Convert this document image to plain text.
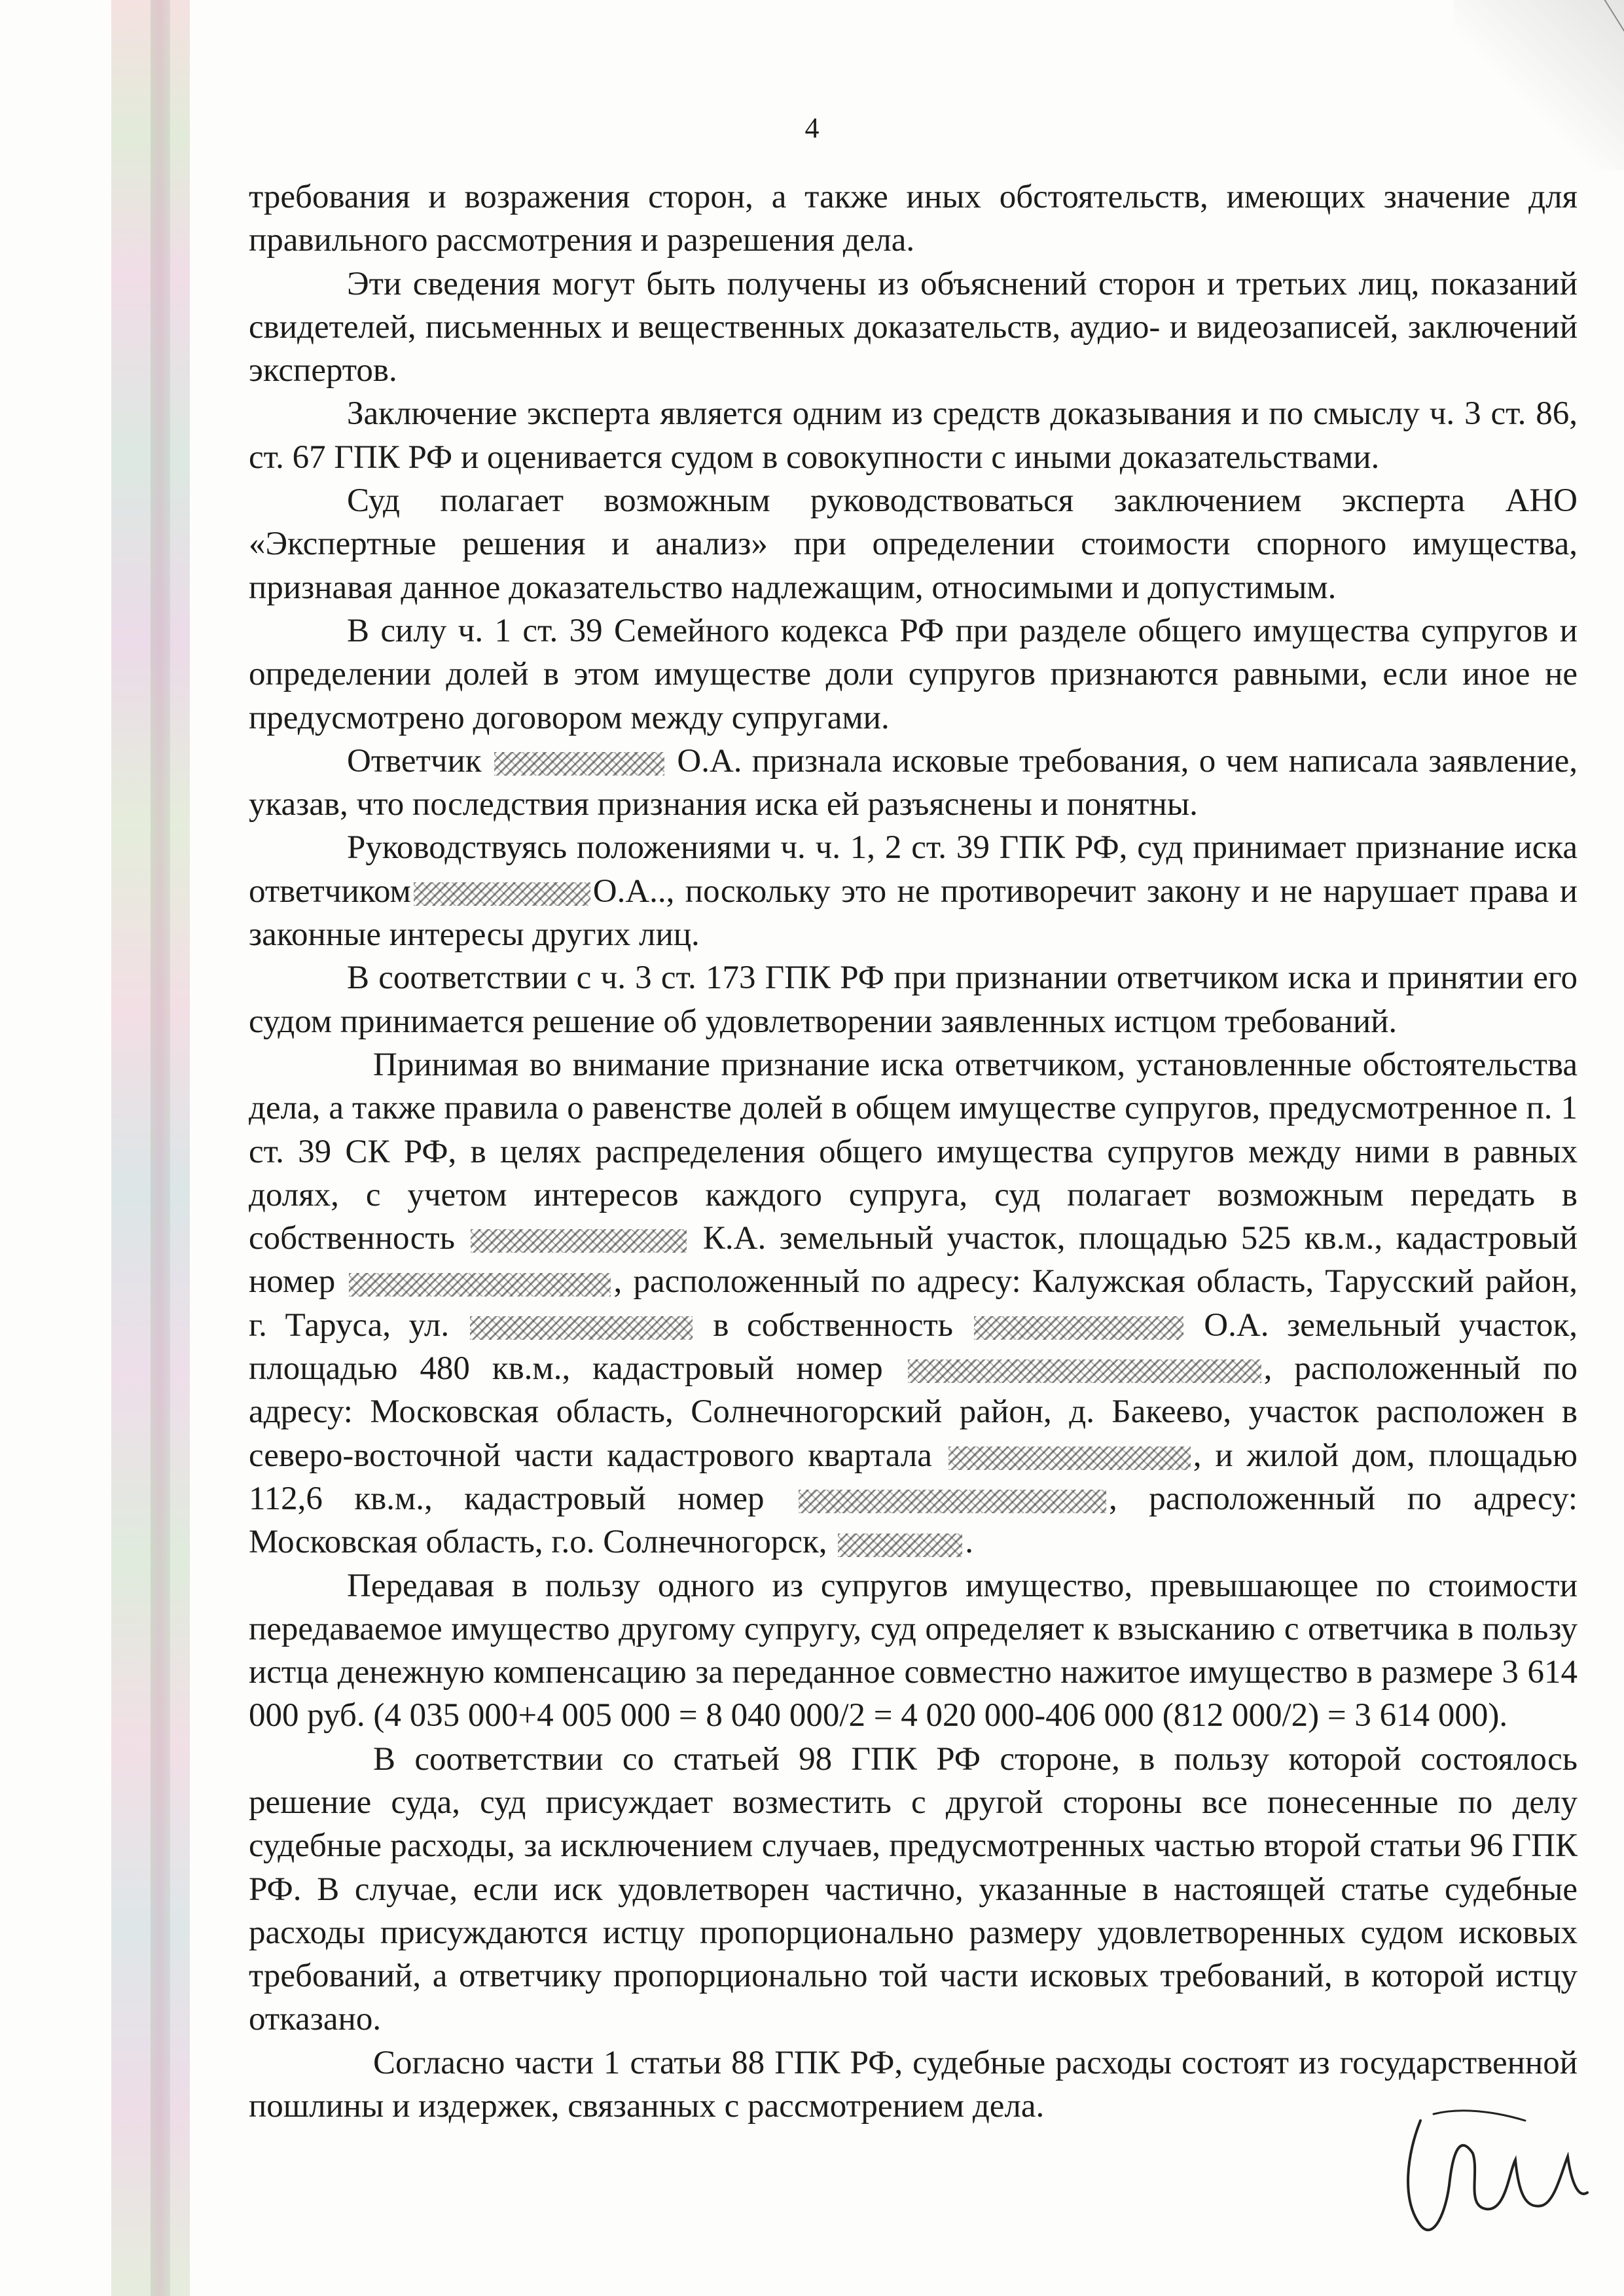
4

требования и возражения сторон, а также иных обстоятельств, имеющих значение для правильного рассмотрения и разрешения дела.

Эти сведения могут быть получены из объяснений сторон и третьих лиц, показаний свидетелей, письменных и вещественных доказательств, аудио- и видеозаписей, заключений экспертов.

Заключение эксперта является одним из средств доказывания и по смыслу ч. 3 ст. 86, ст. 67 ГПК РФ и оценивается судом в совокупности с иными доказательствами.

Суд полагает возможным руководствоваться заключением эксперта АНО «Экспертные решения и анализ» при определении стоимости спорного имущества, признавая данное доказательство надлежащим, относимыми и допустимым.

В силу ч. 1 ст. 39 Семейного кодекса РФ при разделе общего имущества супругов и определении долей в этом имуществе доли супругов признаются равными, если иное не предусмотрено договором между супругами.

Ответчик	О.А. признала исковые требования, о чем написала заявление, указав, что последствия признания иска ей разъяснены и понятны.

Руководствуясь положениями ч. ч. 1, 2 ст. 39 ГПК РФ, суд принимает признание иска ответчиком	О.А.., поскольку это не противоречит закону и не нарушает права и законные интересы других лиц.

В соответствии с ч. 3 ст. 173 ГПК РФ при признании ответчиком иска и принятии его судом принимается решение об удовлетворении заявленных истцом требований.

Принимая во внимание признание иска ответчиком, установленные обстоятельства дела, а также правила о равенстве долей в общем имуществе супругов, предусмотренное п. 1 ст. 39 СК РФ, в целях распределения общего имущества супругов между ними в равных долях, с учетом интересов каждого супруга, суд полагает возможным передать в собственность	К.А. земельный участок, площадью 525 кв.м., кадастровый номер	, расположенный по адресу: Калужская область, Тарусский район, г. Таруса, ул.	в собственность	О.А. земельный участок, площадью 480 кв.м., кадастровый номер	, расположенный по адресу: Московская область, Солнечногорский район, д. Бакеево, участок расположен в северо-восточной части кадастрового квартала	, и жилой дом, площадью 112,6 кв.м., кадастровый номер	, расположенный по адресу: Московская область, г.о. Солнечногорск,	.

Передавая в пользу одного из супругов имущество, превышающее по стоимости передаваемое имущество другому супругу, суд определяет к взысканию с ответчика в пользу истца денежную компенсацию за переданное совместно нажитое имущество в размере 3 614 000 руб. (4 035 000+4 005 000 = 8 040 000/2 = 4 020 000-406 000 (812 000/2) = 3 614 000).

В соответствии со статьей 98 ГПК РФ стороне, в пользу которой состоялось решение суда, суд присуждает возместить с другой стороны все понесенные по делу судебные расходы, за исключением случаев, предусмотренных частью второй статьи 96 ГПК РФ. В случае, если иск удовлетворен частично, указанные в настоящей статье судебные расходы присуждаются истцу пропорционально размеру удовлетворенных судом исковых требований, а ответчику пропорционально той части исковых требований, в которой истцу отказано.

Согласно части 1 статьи 88 ГПК РФ, судебные расходы состоят из государственной пошлины и издержек, связанных с рассмотрением дела.
